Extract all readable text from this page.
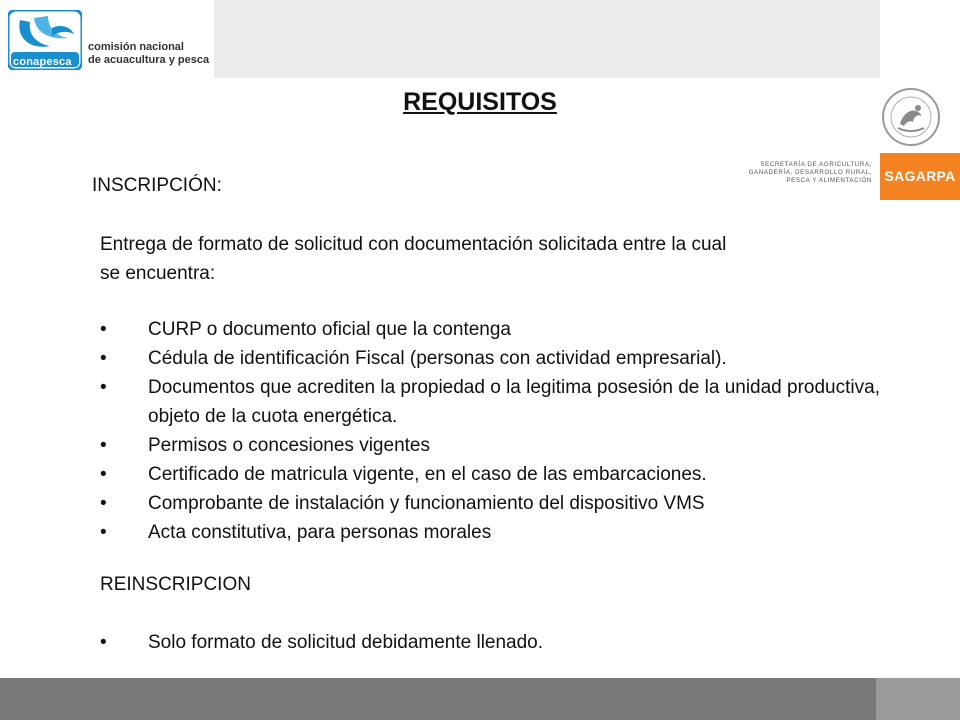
conapesca
comisión nacional
de acuacultura y pesca
SECRETARÍA DE AGRICULTURA,
GANADERÍA, DESARROLLO RURAL,
PESCA Y ALIMENTACIÓN SAGARPA
REQUISITOS
INSCRIPCIÓN:
Entrega de formato de solicitud con documentación solicitada entre la cual
se encuentra:
• CURP o documento oficial que la contenga
• Cédula de identificación Fiscal (personas con actividad empresarial).
• Documentos que acrediten la propiedad o la legitima posesión de la unidad productiva, objeto de la cuota energética.
• Permisos o concesiones vigentes
• Certificado de matricula vigente, en el caso de las embarcaciones.
• Comprobante de instalación y funcionamiento del dispositivo VMS
• Acta constitutiva, para personas morales
REINSCRIPCION
• Solo formato de solicitud debidamente llenado.
